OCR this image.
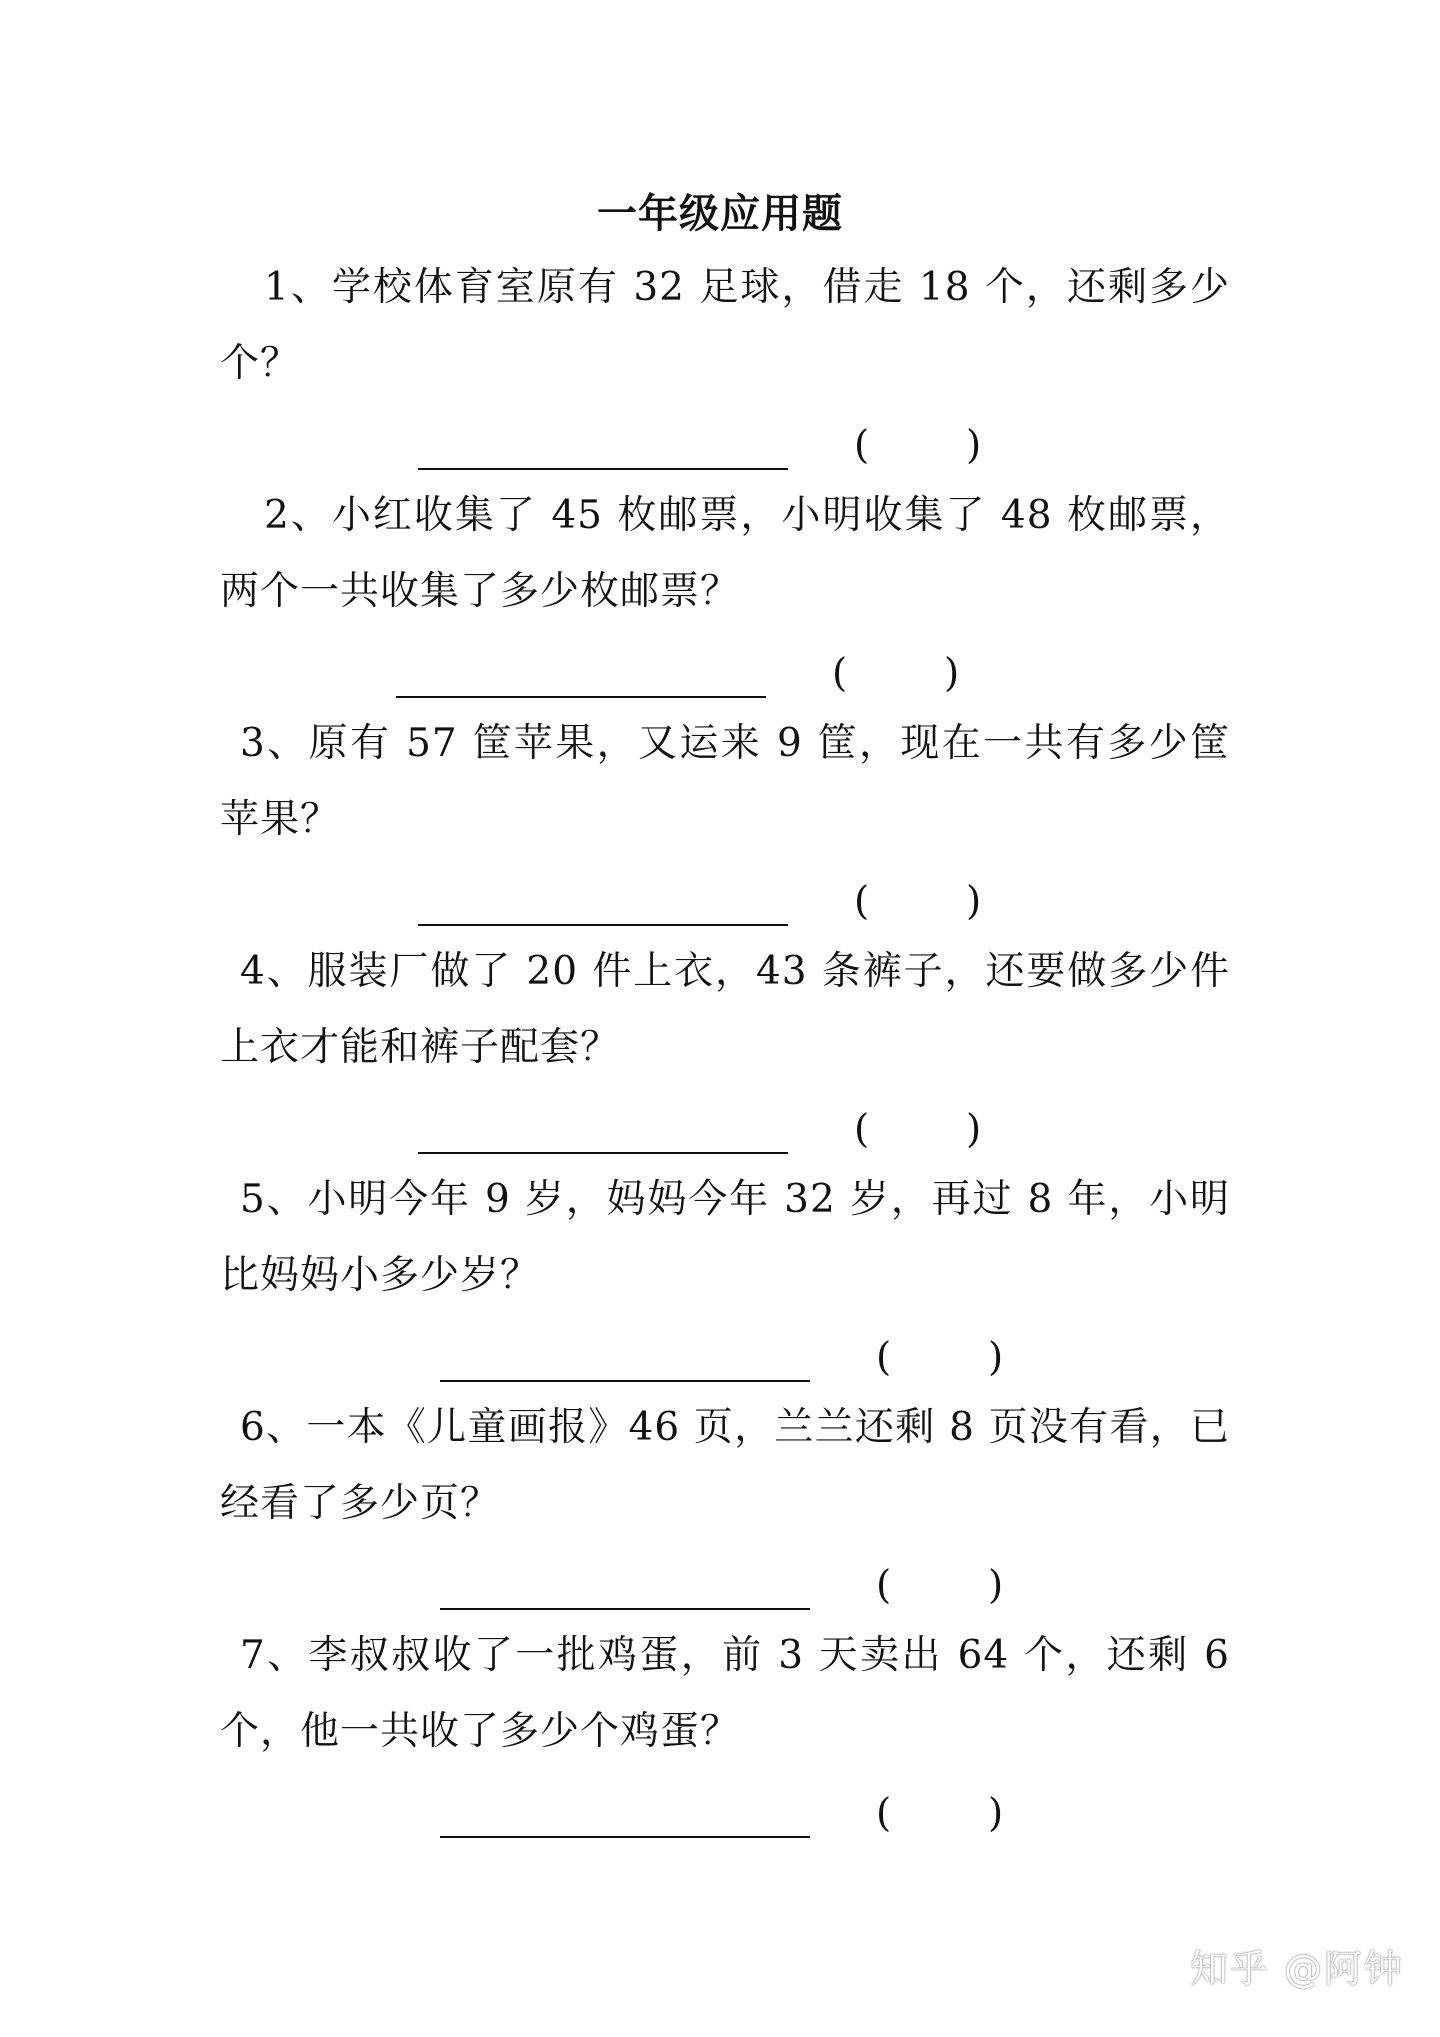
一年级应用题
1、学校体育室原有 32 足球，借走 18 个，还剩多少个？
( )
2、小红收集了 45 枚邮票，小明收集了 48 枚邮票，两个一共收集了多少枚邮票？
( )
3、原有 57 筐苹果，又运来 9 筐，现在一共有多少筐苹果？
( )
4、服装厂做了 20 件上衣，43 条裤子，还要做多少件上衣才能和裤子配套？
( )
5、小明今年 9 岁，妈妈今年 32 岁，再过 8 年，小明比妈妈小多少岁？
( )
6、一本《儿童画报》46 页，兰兰还剩 8 页没有看，已经看了多少页？
( )
7、李叔叔收了一批鸡蛋，前 3 天卖出 64 个，还剩 6 个，他一共收了多少个鸡蛋？
( )
知乎 @阿钟
